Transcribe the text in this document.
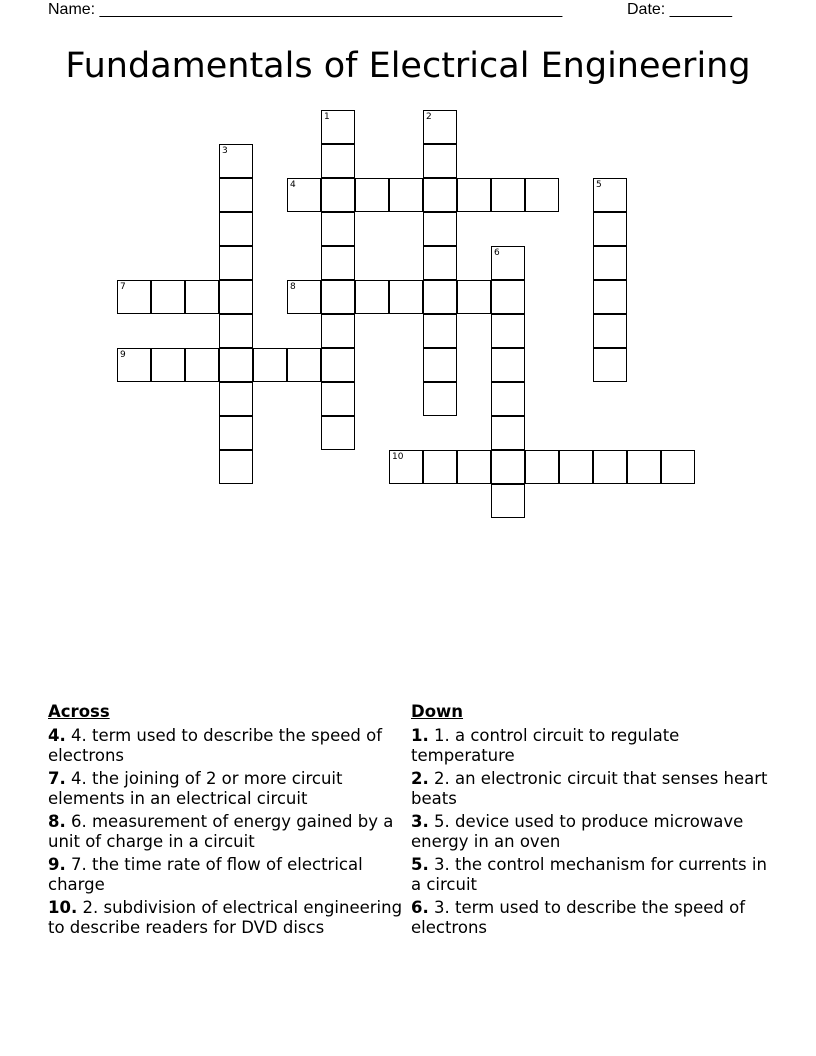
Name: ____________________________________________________	Date: _______
Fundamentals of Electrical Engineering
1	2
3
4	5
6
7	8
9
10
Across
4. 4. term used to describe the speed of electrons
7. 4. the joining of 2 or more circuit elements in an electrical circuit
8. 6. measurement of energy gained by a unit of charge in a circuit
9. 7. the time rate of flow of electrical charge
10. 2. subdivision of electrical engineering to describe readers for DVD discs
Down
1. 1. a control circuit to regulate temperature
2. 2. an electronic circuit that senses heart beats
3. 5. device used to produce microwave energy in an oven
5. 3. the control mechanism for currents in a circuit
6. 3. term used to describe the speed of electrons
